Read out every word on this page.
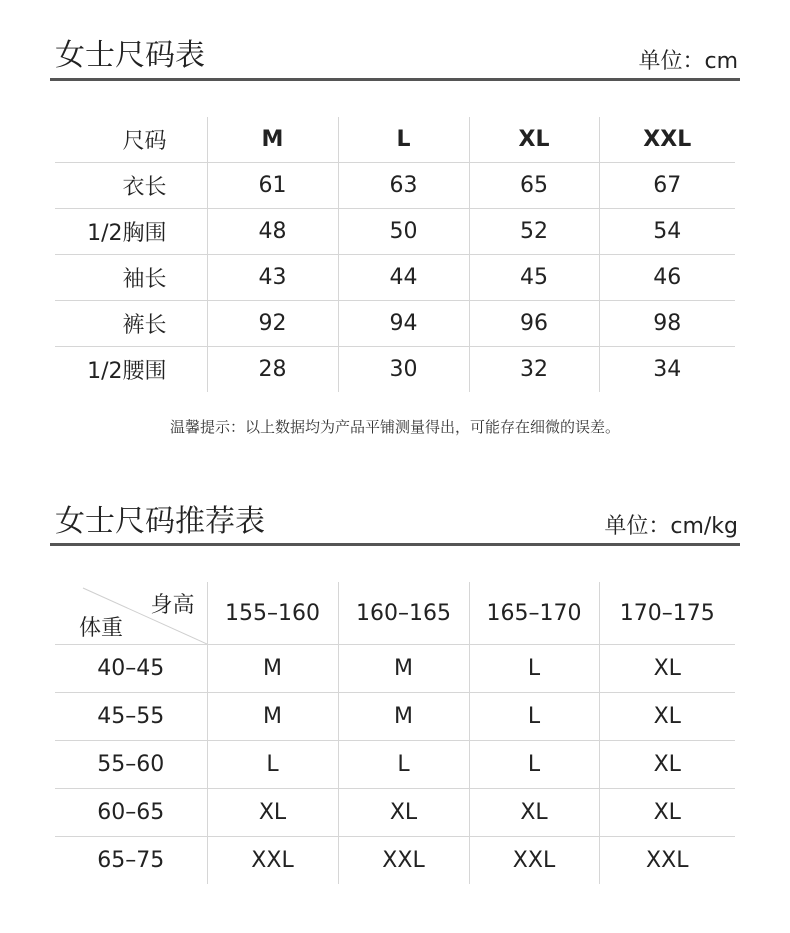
女士尺码表	单位：cm
尺码	M	L	XL	XXL
衣长	61	63	65	67
1/2胸围	48	50	52	54
袖长	43	44	45	46
裤长	92	94	96	98
1/2腰围	28	30	32	34
温馨提示：以上数据均为产品平铺测量得出，可能存在细微的误差。
女士尺码推荐表	单位：cm/kg
身高
体重	155–160	160–165	165–170	170–175
40–45	M	M	L	XL
45–55	M	M	L	XL
55–60	L	L	L	XL
60–65	XL	XL	XL	XL
65–75	XXL	XXL	XXL	XXL
